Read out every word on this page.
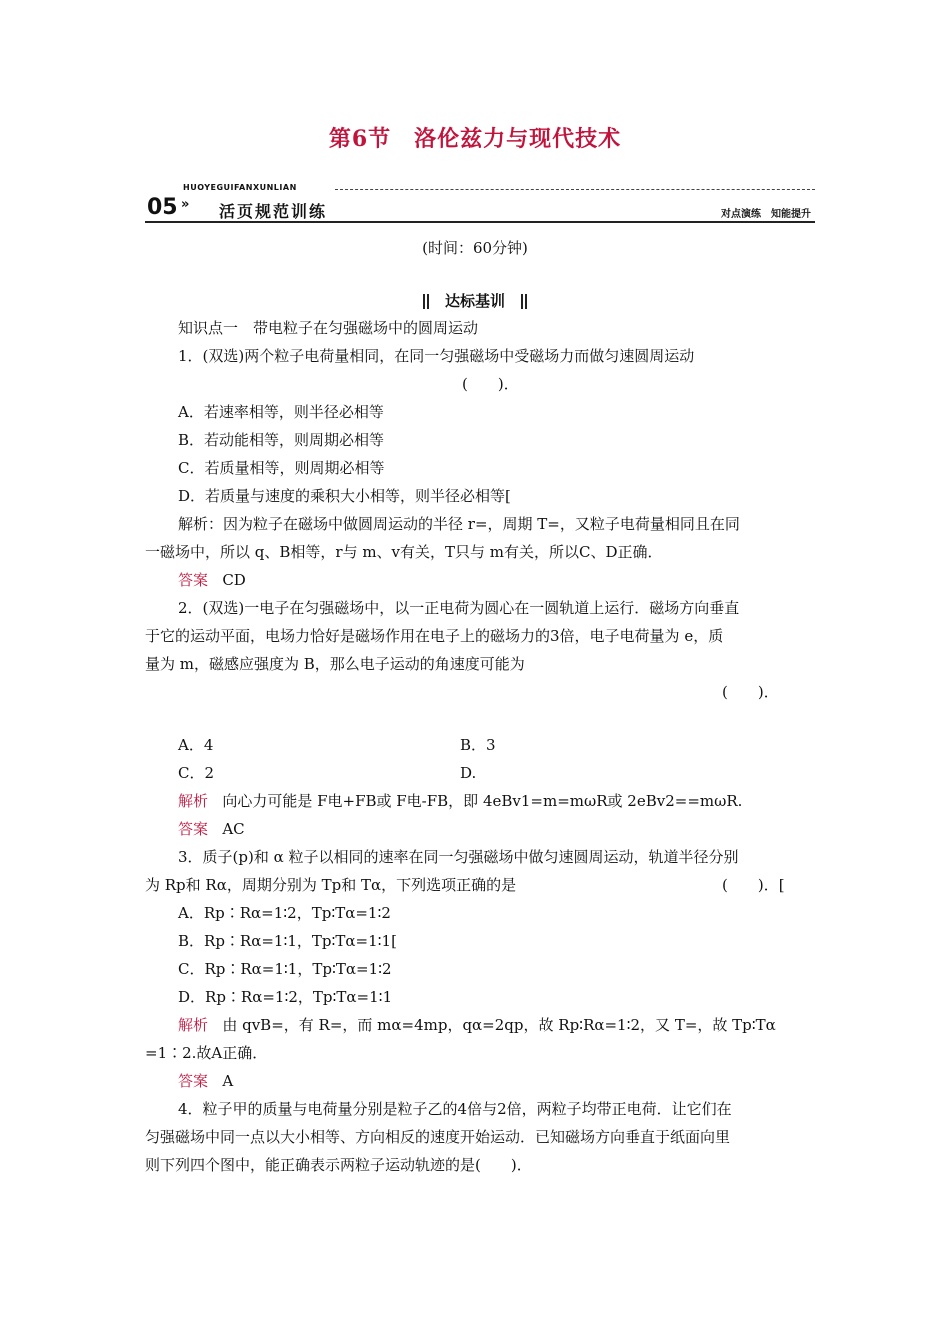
第6节　洛伦兹力与现代技术
HUOYEGUIFANXUNLIAN
05 » 活页规范训练	对点演练　知能提升
(时间：60分钟)
达标基训
知识点一　带电粒子在匀强磁场中的圆周运动
1．(双选)两个粒子电荷量相同，在同一匀强磁场中受磁场力而做匀速圆周运动
(　　)．
A．若速率相等，则半径必相等
B．若动能相等，则周期必相等
C．若质量相等，则周期必相等
D．若质量与速度的乘积大小相等，则半径必相等[
解析：因为粒子在磁场中做圆周运动的半径 r=，周期 T=，又粒子电荷量相同且在同
一磁场中，所以 q、B相等，r与 m、v有关，T只与 m有关，所以C、D正确．
答案 CD
2．(双选)一电子在匀强磁场中，以一正电荷为圆心在一圆轨道上运行．磁场方向垂直
于它的运动平面，电场力恰好是磁场作用在电子上的磁场力的3倍，电子电荷量为 e，质
量为 m，磁感应强度为 B，那么电子运动的角速度可能为
(　　)．
A．4	B．3
C．2	D.
解析 向心力可能是 F电+FB或 F电-FB，即 4eBv1=m=mωR或 2eBv2==mωR.
答案 AC
3．质子(p)和 α 粒子以相同的速率在同一匀强磁场中做匀速圆周运动，轨道半径分别
为 Rp和 Rα，周期分别为 Tp和 Tα，下列选项正确的是	(　　)．[
A．Rp∶Rα=1∶2，Tp∶Tα=1∶2
B．Rp∶Rα=1∶1，Tp∶Tα=1∶1[
C．Rp∶Rα=1∶1，Tp∶Tα=1∶2
D．Rp∶Rα=1∶2，Tp∶Tα=1∶1
解析 由 qvB=，有 R=，而 mα=4mp，qα=2qp，故 Rp∶Rα=1∶2，又 T=，故 Tp∶Tα
=1∶2.故A正确．
答案 A
4．粒子甲的质量与电荷量分别是粒子乙的4倍与2倍，两粒子均带正电荷．让它们在
匀强磁场中同一点以大小相等、方向相反的速度开始运动．已知磁场方向垂直于纸面向里
则下列四个图中，能正确表示两粒子运动轨迹的是(　　)．
